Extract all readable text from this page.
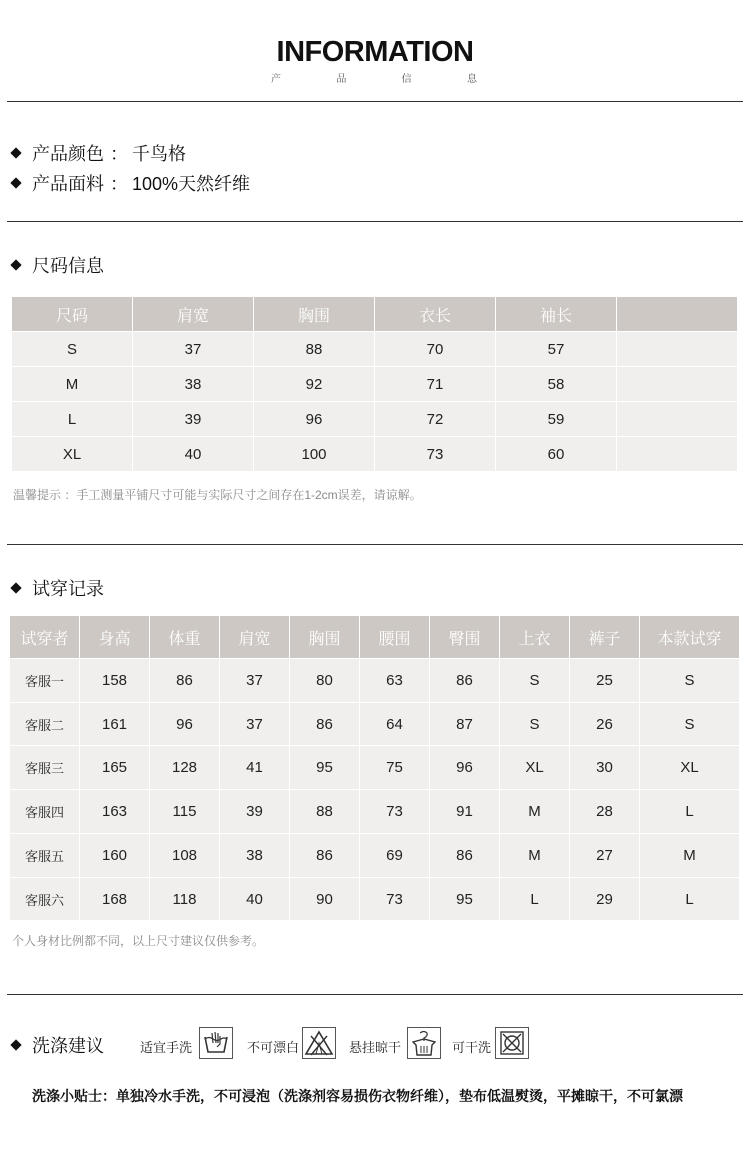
INFORMATION
产	品	信	息
产品颜色 ： 千鸟格
产品面料 ： 100%天然纤维
尺码信息
尺码	肩宽	胸围	衣长	袖长	
S	37	88	70	57	
M	38	92	71	58	
L	39	96	72	59	
XL	40	100	73	60	
温馨提示 ：手工测量平铺尺寸可能与实际尺寸之间存在1-2cm误差，请谅解。
试穿记录
试穿者	身高	体重	肩宽	胸围	腰围	臀围	上衣	裤子	本款试穿
客服一	158	86	37	80	63	86	S	25	S
客服二	161	96	37	86	64	87	S	26	S
客服三	165	128	41	95	75	96	XL	30	XL
客服四	163	115	39	88	73	91	M	28	L
客服五	160	108	38	86	69	86	M	27	M
客服六	168	118	40	90	73	95	L	29	L
个人身材比例都不同，以上尺寸建议仅供参考。
洗涤建议	适宜手洗	不可漂白	悬挂晾干	可干洗
洗涤小贴士：单独冷水手洗，不可浸泡（洗涤剂容易损伤衣物纤维），垫布低温熨烫，平摊晾干，不可氯漂
